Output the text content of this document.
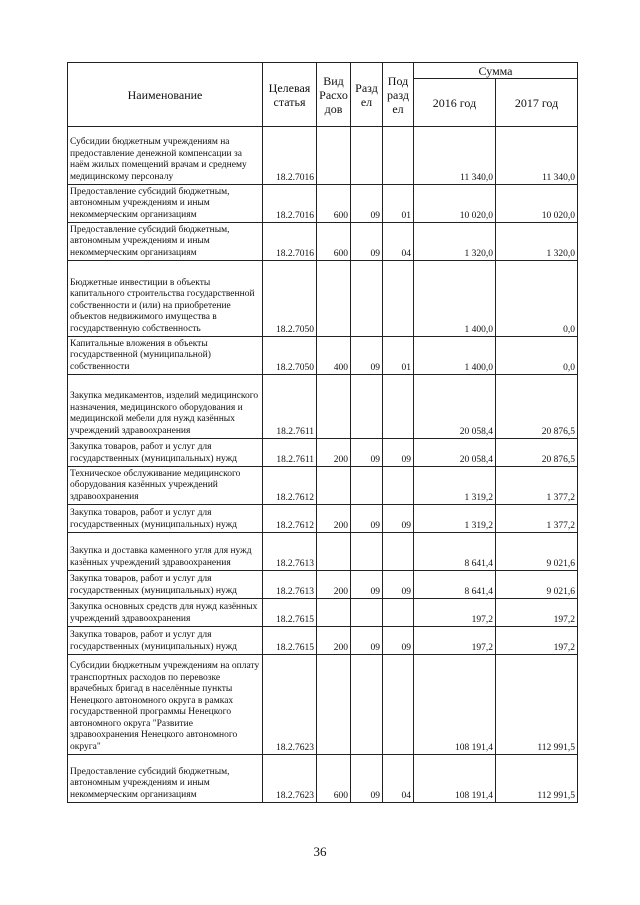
Наименование	Целевая статья	Вид Расхо дов	Разд ел	Под разд ел	Сумма	
					2016 год	2017 год
Субсидии бюджетным учреждениям на предоставление денежной компенсации за наём жилых помещений врачам и среднему медицинскому персоналу	18.2.7016				11 340,0	11 340,0
Предоставление субсидий бюджетным, автономным учреждениям и иным некоммерческим организациям	18.2.7016	600	09	01	10 020,0	10 020,0
Предоставление субсидий бюджетным, автономным учреждениям и иным некоммерческим организациям	18.2.7016	600	09	04	1 320,0	1 320,0
Бюджетные инвестиции в объекты капитального строительства государственной собственности и (или) на приобретение объектов недвижимого имущества в государственную собственность	18.2.7050				1 400,0	0,0
Капитальные вложения в объекты государственной (муниципальной) собственности	18.2.7050	400	09	01	1 400,0	0,0
Закупка медикаментов, изделий медицинского назначения, медицинского оборудования и медицинской мебели для нужд казённых учреждений здравоохранения	18.2.7611				20 058,4	20 876,5
Закупка товаров, работ и услуг для государственных (муниципальных) нужд	18.2.7611	200	09	09	20 058,4	20 876,5
Техническое обслуживание медицинского оборудования казённых учреждений здравоохранения	18.2.7612				1 319,2	1 377,2
Закупка товаров, работ и услуг для государственных (муниципальных) нужд	18.2.7612	200	09	09	1 319,2	1 377,2
Закупка и доставка каменного угля для нужд казённых учреждений здравоохранения	18.2.7613				8 641,4	9 021,6
Закупка товаров, работ и услуг для государственных (муниципальных) нужд	18.2.7613	200	09	09	8 641,4	9 021,6
Закупка основных средств для нужд казённых учреждений здравоохранения	18.2.7615				197,2	197,2
Закупка товаров, работ и услуг для государственных (муниципальных) нужд	18.2.7615	200	09	09	197,2	197,2
Субсидии бюджетным учреждениям на оплату транспортных расходов по перевозке врачебных бригад в населённые пункты Ненецкого автономного округа в рамках государственной программы Ненецкого автономного округа "Развитие здравоохранения Ненецкого автономного округа"	18.2.7623				108 191,4	112 991,5
Предоставление субсидий бюджетным, автономным учреждениям и иным некоммерческим организациям	18.2.7623	600	09	04	108 191,4	112 991,5
36
